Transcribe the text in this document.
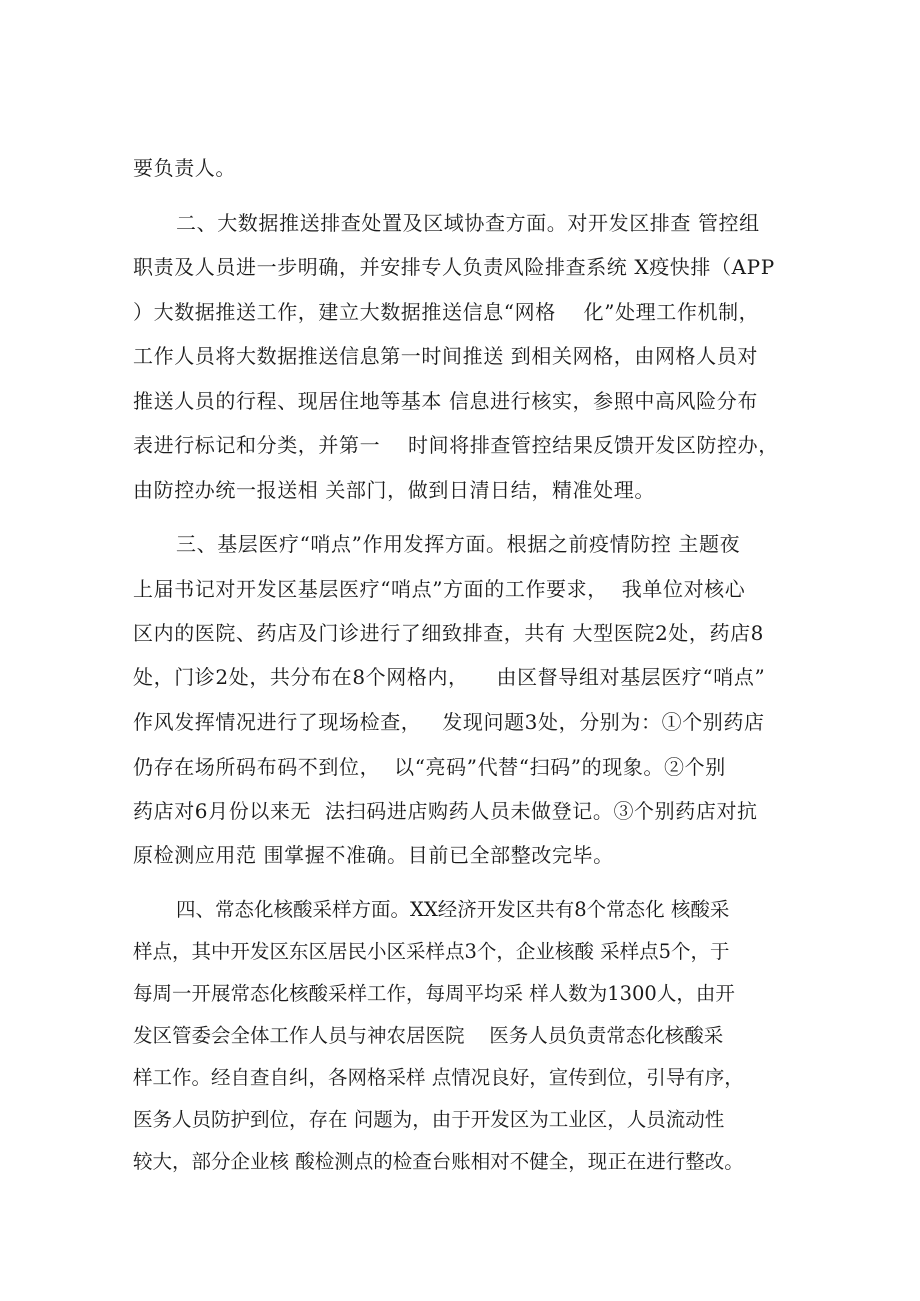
要负责人。

二、大数据推送排查处置及区域协查方面。对开发区排查 管控组

职责及人员进一步明确，并安排专人负责风险排查系统 X疫快排（APP

）大数据推送工作，建立大数据推送信息“网格    化”处理工作机制，

工作人员将大数据推送信息第一时间推送 到相关网格，由网格人员对

推送人员的行程、现居住地等基本 信息进行核实，参照中高风险分布

表进行标记和分类，并第一    时间将排查管控结果反馈开发区防控办，

由防控办统一报送相 关部门，做到日清日结，精准处理。

三、基层医疗“哨点”作用发挥方面。根据之前疫情防控 主题夜

上届书记对开发区基层医疗“哨点”方面的工作要求，  我单位对核心

区内的医院、药店及门诊进行了细致排查，共有 大型医院2处，药店8

处，门诊2处，共分布在8个网格内，    由区督导组对基层医疗“哨点”

作风发挥情况进行了现场检查，   发现问题3处，分别为：①个别药店

仍存在场所码布码不到位，  以“亮码”代替“扫码”的现象。②个别

药店对6月份以来无  法扫码进店购药人员未做登记。③个别药店对抗

原检测应用范 围掌握不准确。目前已全部整改完毕。

四、常态化核酸采样方面。XX经济开发区共有8个常态化 核酸采

样点，其中开发区东区居民小区采样点3个，企业核酸 采样点5个，于

每周一开展常态化核酸采样工作，每周平均采 样人数为1300人，由开

发区管委会全体工作人员与神农居医院    医务人员负责常态化核酸采

样工作。经自查自纠，各网格采样 点情况良好，宣传到位，引导有序，

医务人员防护到位，存在 问题为，由于开发区为工业区，人员流动性

较大，部分企业核 酸检测点的检查台账相对不健全，现正在进行整改。
